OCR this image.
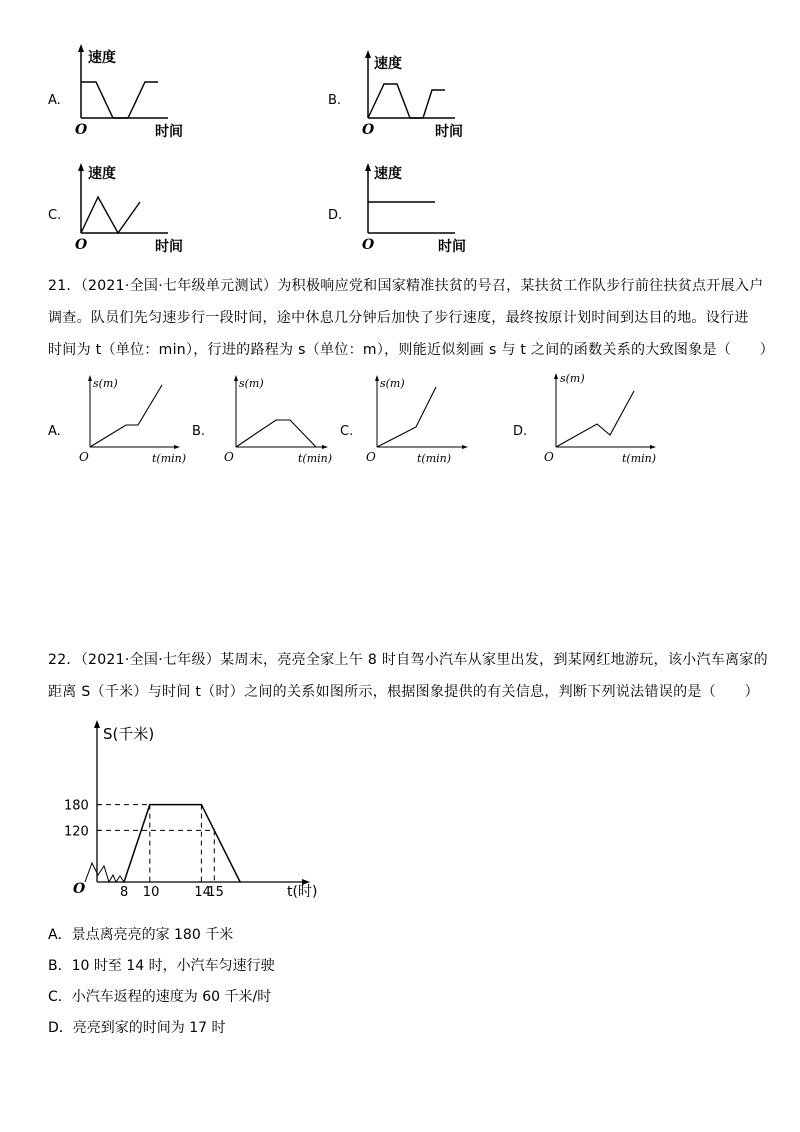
A.
速度
O	时间
B.
速度
O	时间
C.
速度
O	时间
D.
速度
O	时间
21．（2021·全国·七年级单元测试）为积极响应党和国家精准扶贫的号召，某扶贫工作队步行前往扶贫点开展入户
调查。队员们先匀速步行一段时间，途中休息几分钟后加快了步行速度，最终按原计划时间到达目的地。设行进
时间为 t（单位：min），行进的路程为 s（单位：m），则能近似刻画 s 与 t 之间的函数关系的大致图象是（　　）
A.
s(m)
O	t(min)
B.
s(m)
O	t(min)
C.
s(m)
O	t(min)
D.
s(m)
O	t(min)
22．（2021·全国·七年级）某周末，亮亮全家上午 8 时自驾小汽车从家里出发，到某网红地游玩，该小汽车离家的
距离 S（千米）与时间 t（时）之间的关系如图所示，根据图象提供的有关信息，判断下列说法错误的是（　　）
S(千米)
t(时)
O
180
120
8 10	14
15
A．景点离亮亮的家 180 千米
B．10 时至 14 时，小汽车匀速行驶
C．小汽车返程的速度为 60 千米/时
D．亮亮到家的时间为 17 时
